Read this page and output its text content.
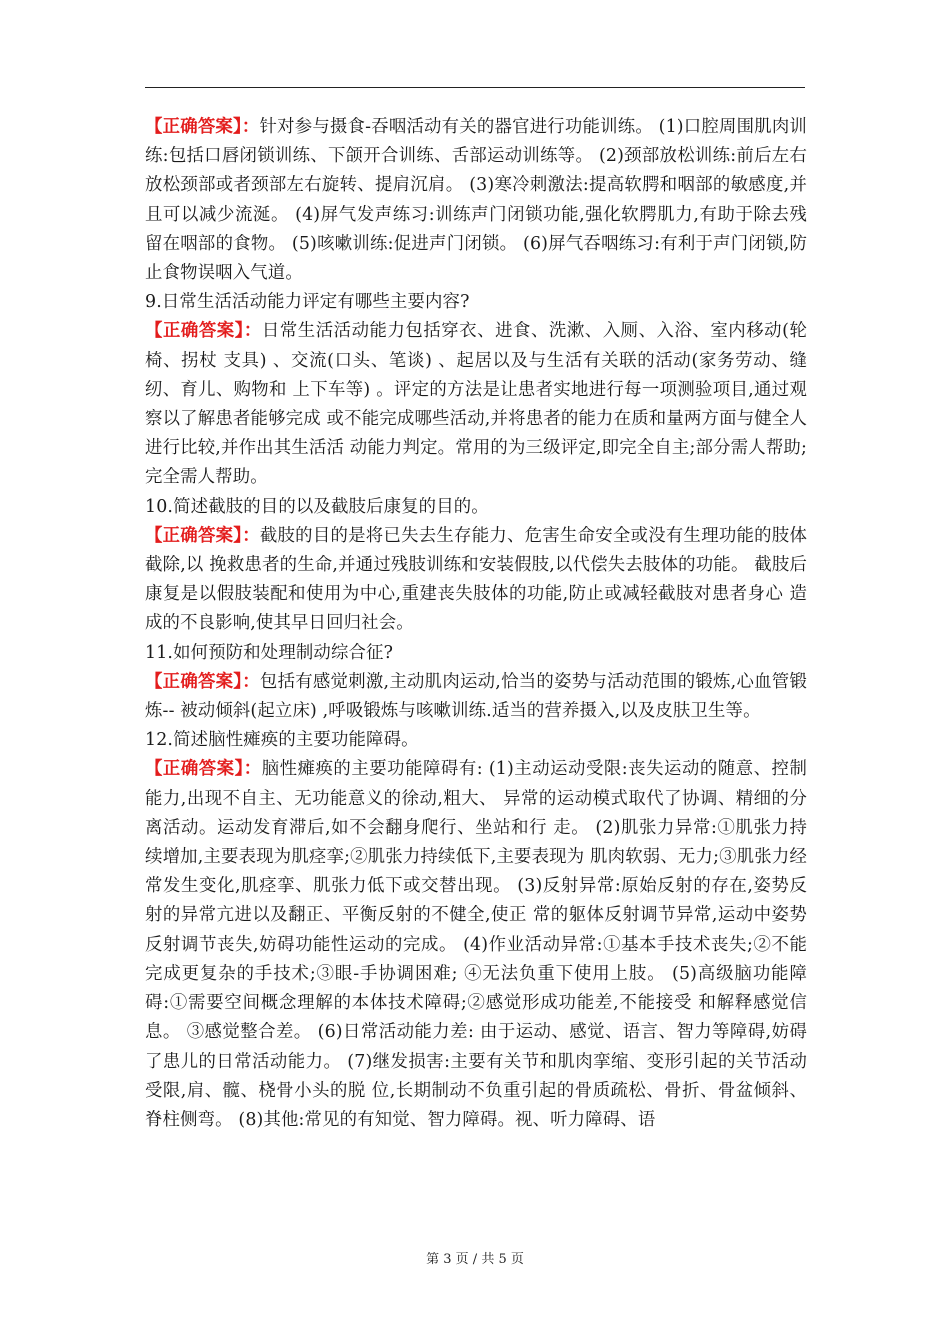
【正确答案】：针对参与摄食-吞咽活动有关的器官进行功能训练。 (1)口腔周围肌肉训练:包括口唇闭锁训练、下颌开合训练、舌部运动训练等。 (2)颈部放松训练:前后左右放松颈部或者颈部左右旋转、提肩沉肩。 (3)寒冷刺激法:提高软腭和咽部的敏感度,并且可以减少流涎。 (4)屏气发声练习:训练声门闭锁功能,强化软腭肌力,有助于除去残留在咽部的食物。 (5)咳嗽训练:促进声门闭锁。 (6)屏气吞咽练习:有利于声门闭锁,防止食物误咽入气道。

9.日常生活活动能力评定有哪些主要内容?

【正确答案】：日常生活活动能力包括穿衣、进食、洗漱、入厕、入浴、室内移动(轮椅、拐杖 支具) 、交流(口头、笔谈) 、起居以及与生活有关联的活动(家务劳动、缝纫、育儿、购物和 上下车等) 。评定的方法是让患者实地进行每一项测验项目,通过观察以了解患者能够完成 或不能完成哪些活动,并将患者的能力在质和量两方面与健全人进行比较,并作出其生活活 动能力判定。常用的为三级评定,即完全自主;部分需人帮助;完全需人帮助。

10.简述截肢的目的以及截肢后康复的目的。

【正确答案】：截肢的目的是将已失去生存能力、危害生命安全或没有生理功能的肢体截除,以 挽救患者的生命,并通过残肢训练和安装假肢,以代偿失去肢体的功能。 截肢后康复是以假肢装配和使用为中心,重建丧失肢体的功能,防止或减轻截肢对患者身心 造成的不良影响,使其早日回归社会。

11.如何预防和处理制动综合征?

【正确答案】：包括有感觉刺激,主动肌肉运动,恰当的姿势与活动范围的锻炼,心血管锻炼-- 被动倾斜(起立床) ,呼吸锻炼与咳嗽训练.适当的营养摄入,以及皮肤卫生等。

12.简述脑性瘫痪的主要功能障碍。

【正确答案】：脑性瘫痪的主要功能障碍有: (1)主动运动受限:丧失运动的随意、控制能力,出现不自主、无功能意义的徐动,粗大、 异常的运动模式取代了协调、精细的分离活动。运动发育滞后,如不会翻身爬行、坐站和行 走。 (2)肌张力异常:①肌张力持续增加,主要表现为肌痉挛;②肌张力持续低下,主要表现为 肌肉软弱、无力;③肌张力经常发生变化,肌痉挛、肌张力低下或交替出现。 (3)反射异常:原始反射的存在,姿势反射的异常亢进以及翻正、平衡反射的不健全,使正 常的躯体反射调节异常,运动中姿势反射调节丧失,妨碍功能性运动的完成。 (4)作业活动异常:①基本手技术丧失;②不能完成更复杂的手技术;③眼-手协调困难; ④无法负重下使用上肢。 (5)高级脑功能障碍:①需要空间概念理解的本体技术障碍;②感觉形成功能差,不能接受 和解释感觉信息。 ③感觉整合差。 (6)日常活动能力差: 由于运动、感觉、语言、智力等障碍,妨碍了患儿的日常活动能力。 (7)继发损害:主要有关节和肌肉挛缩、变形引起的关节活动受限,肩、髋、桡骨小头的脱 位,长期制动不负重引起的骨质疏松、骨折、骨盆倾斜、脊柱侧弯。 (8)其他:常见的有知觉、智力障碍。视、听力障碍、语

第 3 页 / 共 5 页
